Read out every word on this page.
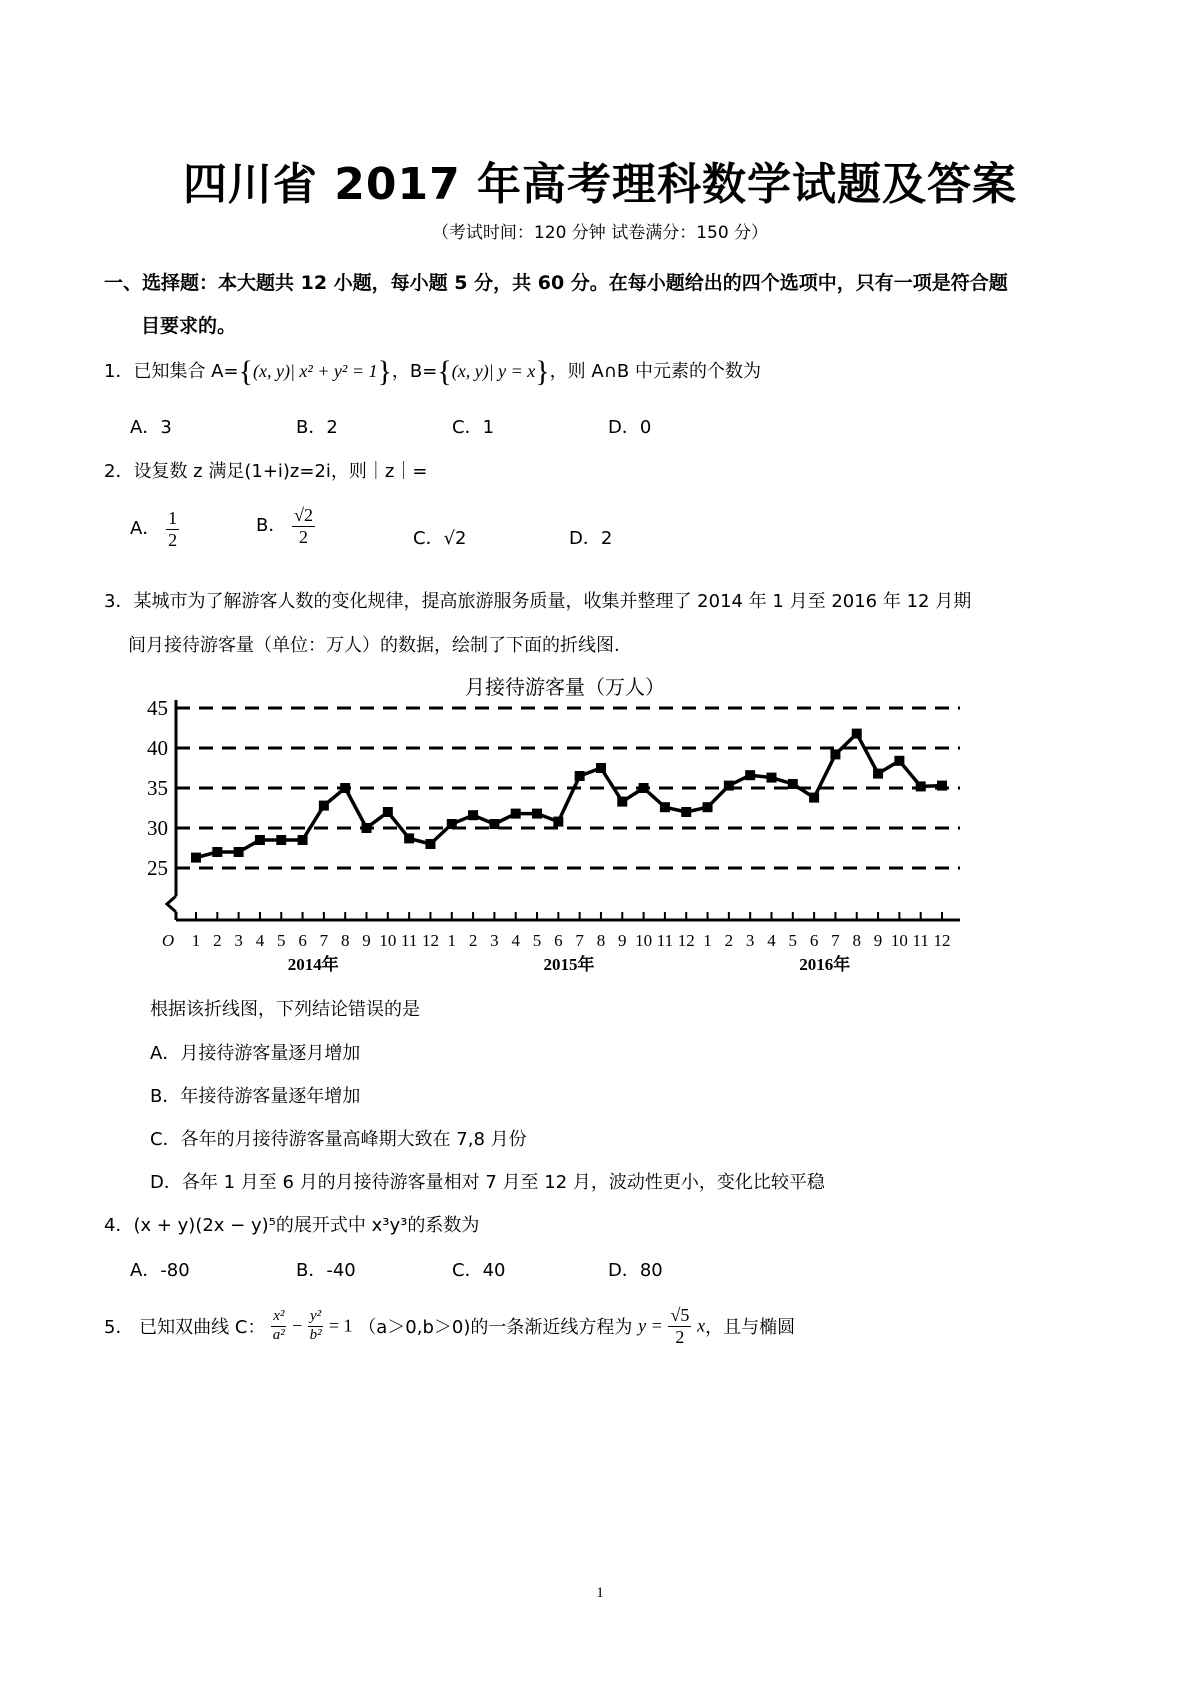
四川省 2017 年高考理科数学试题及答案
（考试时间：120 分钟 试卷满分：150 分）
一、选择题：本大题共 12 小题，每小题 5 分，共 60 分。在每小题给出的四个选项中，只有一项是符合题
目要求的。
1．已知集合 A={(x, y)| x² + y² = 1}，B={(x, y)| y = x}，则 A∩B 中元素的个数为
A．3	B．2	C．1	D．0
2．设复数 z 满足(1+i)z=2i，则｜z｜=
A． $\frac{1}{2}$	B． $\frac{√2}{2}$	C．√2	D．2
3．某城市为了解游客人数的变化规律，提高旅游服务质量，收集并整理了 2014 年 1 月至 2016 年 12 月期
间月接待游客量（单位：万人）的数据，绘制了下面的折线图.
月接待游客量（万人）
25
30
35
40
45
O 1 2 3 4 5 6 7 8 9 10 11 12 1 2 3 4 5 6 7 8 9 10 11 12 1 2 3 4 5 6 7 8 9 10 11 12
2014年	2015年	2016年
根据该折线图，下列结论错误的是
A．月接待游客量逐月增加
B．年接待游客量逐年增加
C．各年的月接待游客量高峰期大致在 7,8 月份
D．各年 1 月至 6 月的月接待游客量相对 7 月至 12 月，波动性更小，变化比较平稳
4．(x + y)(2x − y)⁵的展开式中 x³y³的系数为
A．-80	B．-40	C．40	D．80
5． 已知双曲线 C： $\frac{\text{x²}}{\text{a²}} - \frac{\text{y²}}{\text{b²}} = 1$ （a＞0,b＞0)的一条渐近线方程为 $y = \frac{√5}{2}$ x，且与椭圆
1
